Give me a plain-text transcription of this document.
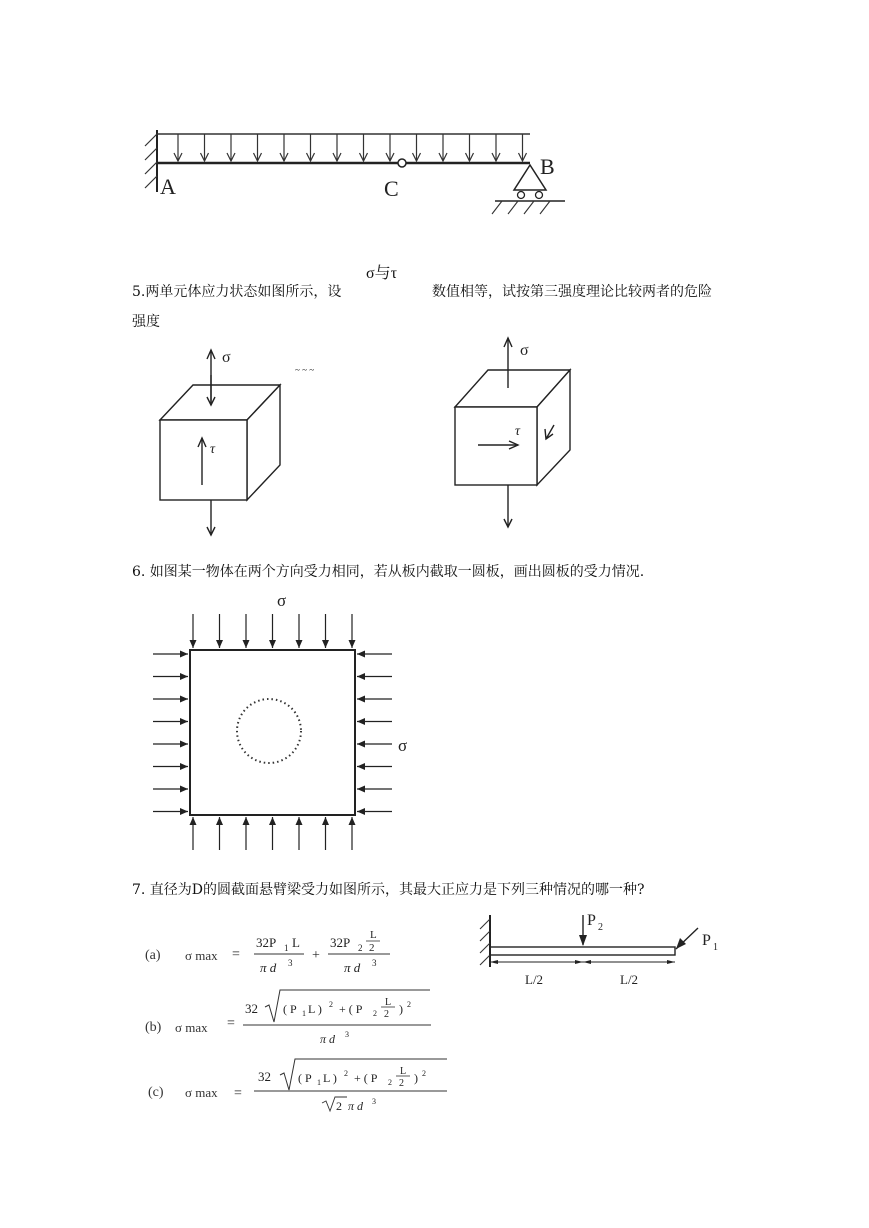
A	C
B
5.两单元体应力状态如图所示，设
σ与τ
数值相等，试按第三强度理论比较两者的危险
强度
σ
τ
~ ~ ~
σ
τ
6. 如图某一物体在两个方向受力相同，若从板内截取一圆板，画出圆板的受力情况.
σ
σ
7. 直径为D的圆截面悬臂梁受力如图所示，其最大正应力是下列三种情况的哪一种?
(a) σ max =
32P 1 L
π d 3 +
32P 2
L
2
π d 3
(b) σ max =
32 ( P 1 L ) 2 + ( P 2
L
2 ) 2
π d 3
(c) σ max =
32 ( P 1 L ) 2 + ( P 2
L
2 ) 2
2 π d 3
P 2
P 1
L/2	L/2
